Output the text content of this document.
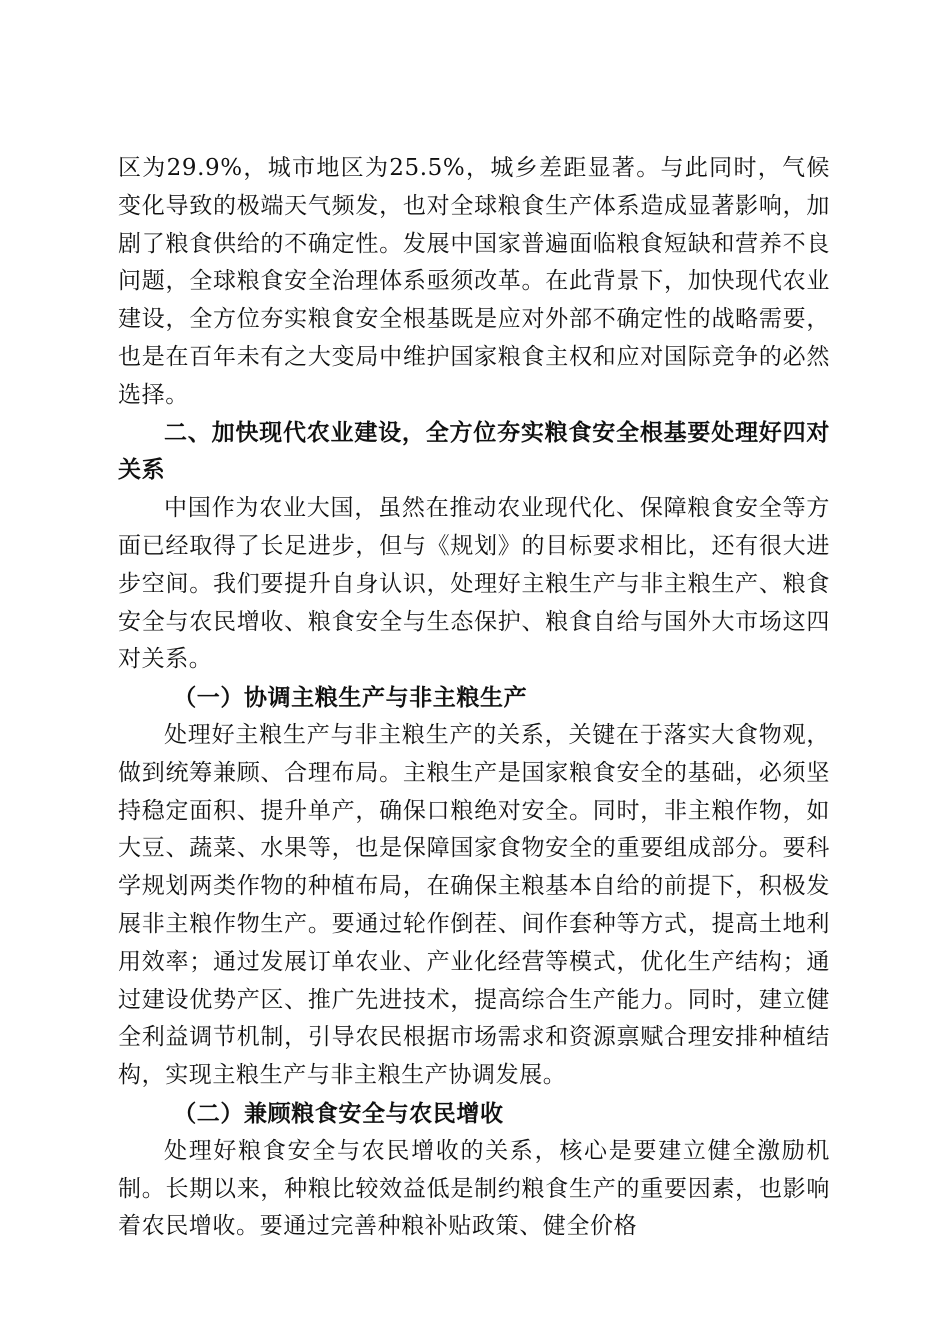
区为29.9%，城市地区为25.5%，城乡差距显著。与此同时，气候变化导致的极端天气频发，也对全球粮食生产体系造成显著影响，加剧了粮食供给的不确定性。发展中国家普遍面临粮食短缺和营养不良问题，全球粮食安全治理体系亟须改革。在此背景下，加快现代农业建设，全方位夯实粮食安全根基既是应对外部不确定性的战略需要，也是在百年未有之大变局中维护国家粮食主权和应对国际竞争的必然选择。

二、加快现代农业建设，全方位夯实粮食安全根基要处理好四对关系

中国作为农业大国，虽然在推动农业现代化、保障粮食安全等方面已经取得了长足进步，但与《规划》的目标要求相比，还有很大进步空间。我们要提升自身认识，处理好主粮生产与非主粮生产、粮食安全与农民增收、粮食安全与生态保护、粮食自给与国外大市场这四对关系。

（一）协调主粮生产与非主粮生产

处理好主粮生产与非主粮生产的关系，关键在于落实大食物观，做到统筹兼顾、合理布局。主粮生产是国家粮食安全的基础，必须坚持稳定面积、提升单产，确保口粮绝对安全。同时，非主粮作物，如大豆、蔬菜、水果等，也是保障国家食物安全的重要组成部分。要科学规划两类作物的种植布局，在确保主粮基本自给的前提下，积极发展非主粮作物生产。要通过轮作倒茬、间作套种等方式，提高土地利用效率；通过发展订单农业、产业化经营等模式，优化生产结构；通过建设优势产区、推广先进技术，提高综合生产能力。同时，建立健全利益调节机制，引导农民根据市场需求和资源禀赋合理安排种植结构，实现主粮生产与非主粮生产协调发展。

（二）兼顾粮食安全与农民增收

处理好粮食安全与农民增收的关系，核心是要建立健全激励机制。长期以来，种粮比较效益低是制约粮食生产的重要因素，也影响着农民增收。要通过完善种粮补贴政策、健全价格
